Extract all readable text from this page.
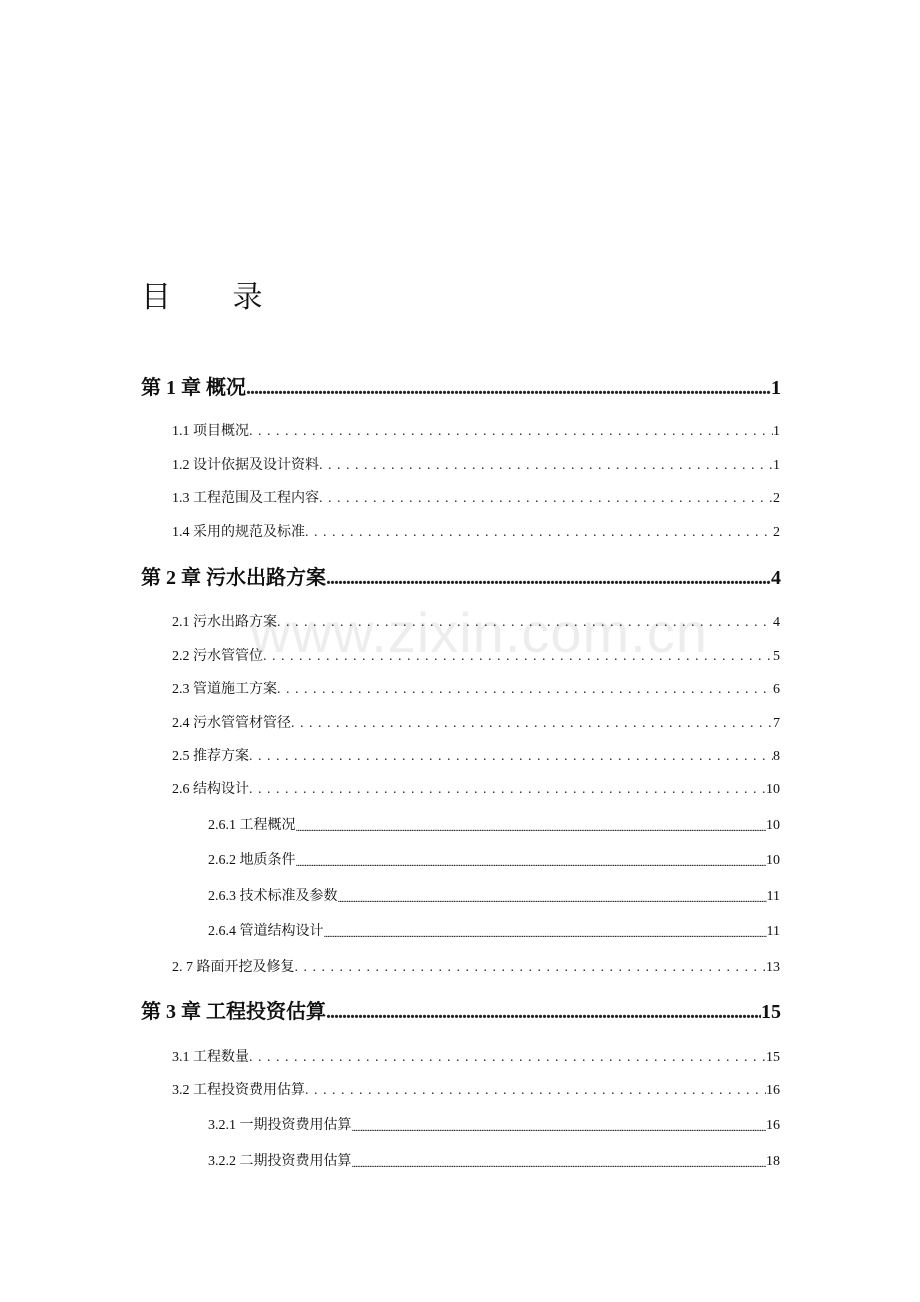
www.zixin.com.cn
目 录
第 1 章 概况 .....	1
1.1 项目概况 . . .	1
1.2 设计依据及设计资料 . . .	1
1.3 工程范围及工程内容 . . .	2
1.4 采用的规范及标准 . . .	2
第 2 章 污水出路方案 .....	4
2.1 污水出路方案 . . .	4
2.2 污水管管位 . . .	5
2.3 管道施工方案 . . .	6
2.4 污水管管材管径 . . .	7
2.5 推荐方案 . . .	8
2.6 结构设计 . . .	10
2.6.1 工程概况 .....	10
2.6.2 地质条件 .....	10
2.6.3 技术标准及参数 .....	11
2.6.4 管道结构设计 .....	11
2. 7 路面开挖及修复 . . .	13
第 3 章 工程投资估算 .....	15
3.1 工程数量 . . .	15
3.2 工程投资费用估算 . . .	16
3.2.1 一期投资费用估算 .....	16
3.2.2 二期投资费用估算 .....	18
